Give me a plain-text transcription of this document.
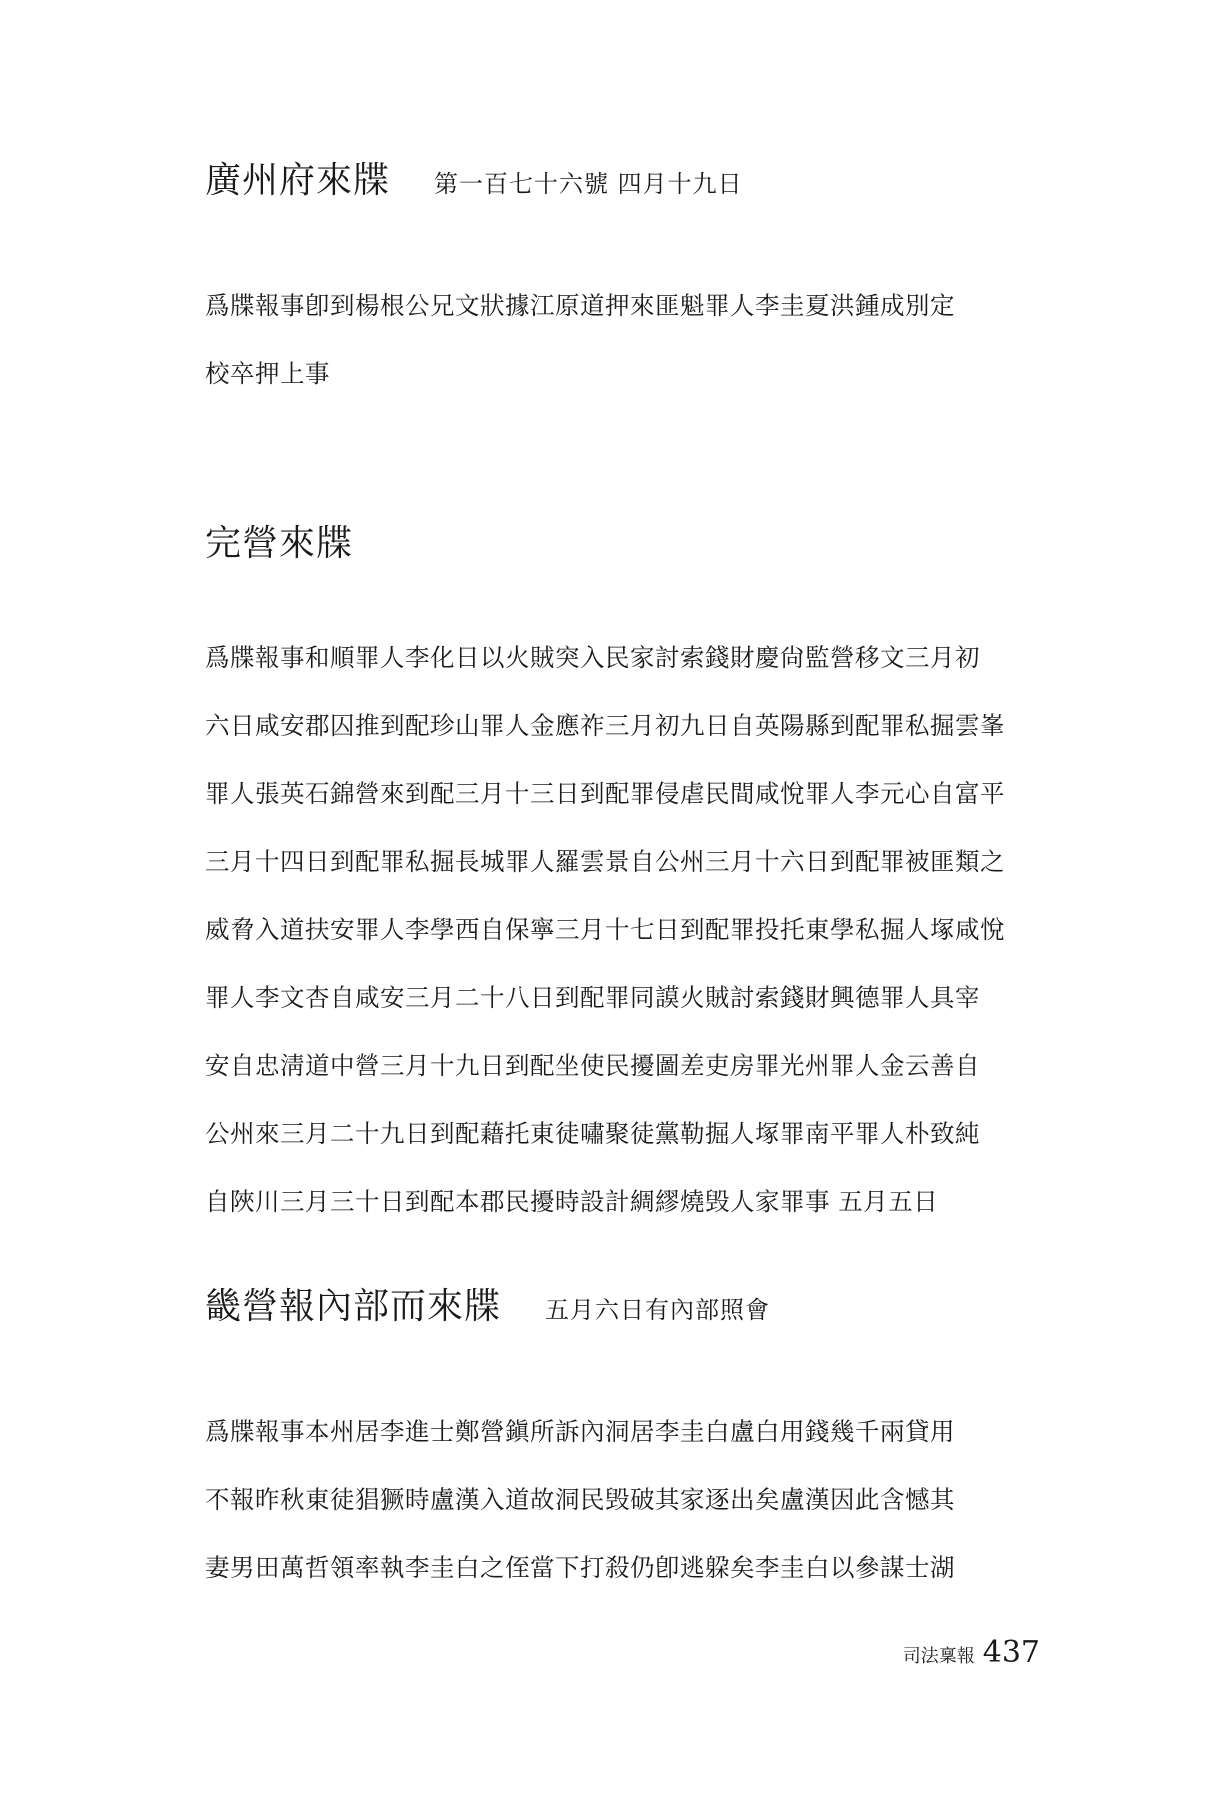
廣州府來牒 第一百七十六號 四月十九日
爲牒報事卽到楊根公兄文狀據江原道押來匪魁罪人李圭夏洪鍾成別定
校卒押上事
完營來牒
爲牒報事和順罪人李化日以火賊突入民家討索錢財慶尙監營移文三月初
六日咸安郡囚推到配珍山罪人金應祚三月初九日自英陽縣到配罪私掘雲峯
罪人張英石錦營來到配三月十三日到配罪侵虐民間咸悅罪人李元心自富平
三月十四日到配罪私掘長城罪人羅雲景自公州三月十六日到配罪被匪類之
威脅入道扶安罪人李學西自保寧三月十七日到配罪投托東學私掘人塚咸悅
罪人李文杏自咸安三月二十八日到配罪同謨火賊討索錢財興德罪人具宰
安自忠淸道中營三月十九日到配坐使民擾圖差吏房罪光州罪人金云善自
公州來三月二十九日到配藉托東徒嘯聚徒黨勒掘人塚罪南平罪人朴致純
自陜川三月三十日到配本郡民擾時設計綢繆燒毁人家罪事 五月五日
畿營報內部而來牒 五月六日有內部照會
爲牒報事本州居李進士鄭營鎭所訴內洞居李圭白盧白用錢幾千兩貸用
不報昨秋東徒猖獗時盧漢入道故洞民毁破其家逐出矣盧漢因此含憾其
妻男田萬哲領率執李圭白之侄當下打殺仍卽逃躱矣李圭白以參謀士湖
司法稟報 437
